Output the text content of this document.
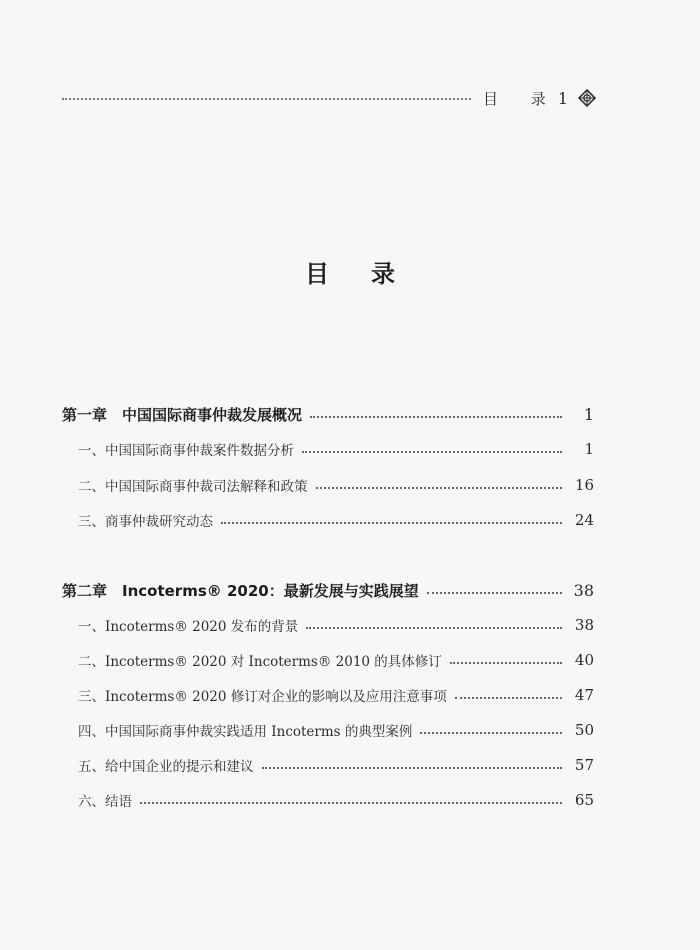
目 录
1
目录
第一章　中国国际商事仲裁发展概况	1
一、中国国际商事仲裁案件数据分析	1
二、中国国际商事仲裁司法解释和政策	16
三、商事仲裁研究动态	24
第二章　Incoterms® 2020：最新发展与实践展望	38
一、Incoterms® 2020 发布的背景	38
二、Incoterms® 2020 对 Incoterms® 2010 的具体修订	40
三、Incoterms® 2020 修订对企业的影响以及应用注意事项	47
四、中国国际商事仲裁实践适用 Incoterms 的典型案例	50
五、给中国企业的提示和建议	57
六、结语	65
